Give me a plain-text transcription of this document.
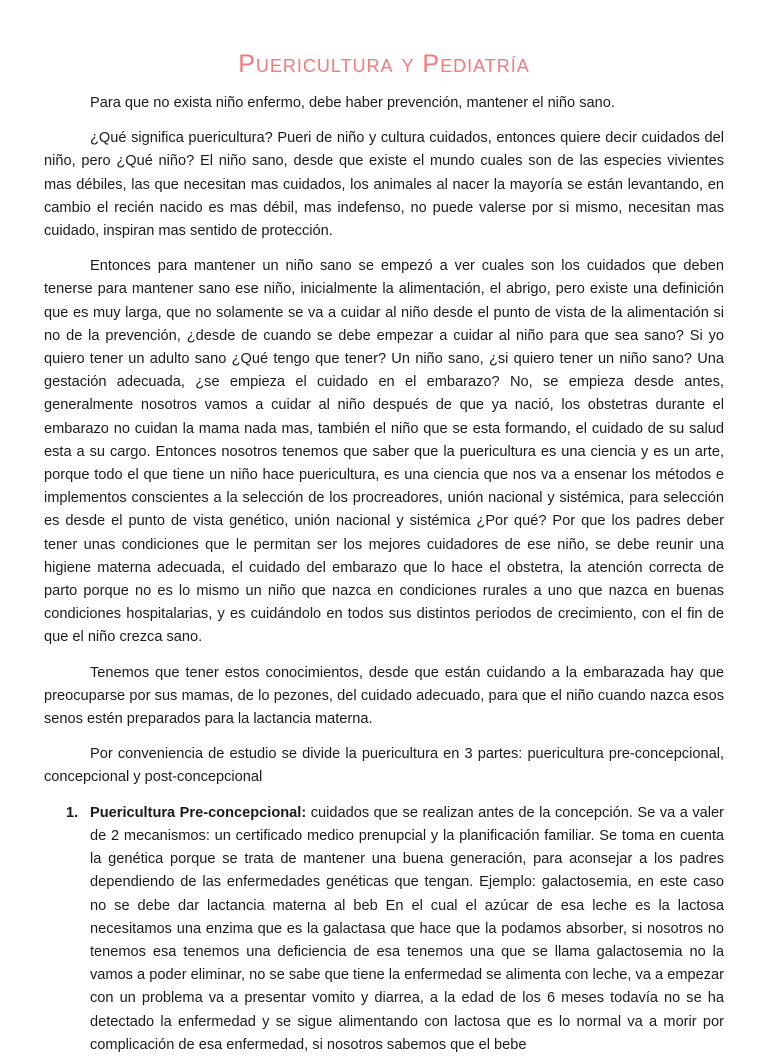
Puericultura y Pediatría

Para que no exista niño enfermo, debe haber prevención, mantener el niño sano.

¿Qué significa puericultura? Pueri de niño y cultura cuidados, entonces quiere decir cuidados del niño, pero ¿Qué niño? El niño sano, desde que existe el mundo cuales son de las especies vivientes mas débiles, las que necesitan mas cuidados, los animales al nacer la mayoría se están levantando, en cambio el recién nacido es mas débil, mas indefenso, no puede valerse por si mismo, necesitan mas cuidado, inspiran mas sentido de protección.

Entonces para mantener un niño sano se empezó a ver cuales son los cuidados que deben tenerse para mantener sano ese niño, inicialmente la alimentación, el abrigo, pero existe una definición que es muy larga, que no solamente se va a cuidar al niño desde el punto de vista de la alimentación si no de la prevención, ¿desde de cuando se debe empezar a cuidar al niño para que sea sano? Si yo quiero tener un adulto sano ¿Qué tengo que tener? Un niño sano, ¿si quiero tener un niño sano? Una gestación adecuada, ¿se empieza el cuidado en el embarazo? No, se empieza desde antes, generalmente nosotros vamos a cuidar al niño después de que ya nació, los obstetras durante el embarazo no cuidan la mama nada mas, también el niño que se esta formando, el cuidado de su salud esta a su cargo. Entonces nosotros tenemos que saber que la puericultura es una ciencia y es un arte, porque todo el que tiene un niño hace puericultura, es una ciencia que nos va a ensenar los métodos e implementos conscientes a la selección de los procreadores, unión nacional y sistémica, para selección es desde el punto de vista genético, unión nacional y sistémica ¿Por qué? Por que los padres deber tener unas condiciones que le permitan ser los mejores cuidadores de ese niño, se debe reunir una higiene materna adecuada, el cuidado del embarazo que lo hace el obstetra, la atención correcta de parto porque no es lo mismo un niño que nazca en condiciones rurales a uno que nazca en buenas condiciones hospitalarias, y es cuidándolo en todos sus distintos periodos de crecimiento, con el fin de que el niño crezca sano.

Tenemos que tener estos conocimientos, desde que están cuidando a la embarazada hay que preocuparse por sus mamas, de lo pezones, del cuidado adecuado, para que el niño cuando nazca esos senos estén preparados para la lactancia materna.

Por conveniencia de estudio se divide la puericultura en 3 partes: puericultura pre-concepcional, concepcional y post-concepcional

1. Puericultura Pre-concepcional: cuidados que se realizan antes de la concepción. Se va a valer de 2 mecanismos: un certificado medico prenupcial y la planificación familiar. Se toma en cuenta la genética porque se trata de mantener una buena generación, para aconsejar a los padres dependiendo de las enfermedades genéticas que tengan. Ejemplo: galactosemia, en este caso no se debe dar lactancia materna al beb En el cual el azúcar de esa leche es la lactosa necesitamos una enzima que es la galactasa que hace que la podamos absorber, si nosotros no tenemos esa tenemos una deficiencia de esa tenemos una que se llama galactosemia no la vamos a poder eliminar, no se sabe que tiene la enfermedad se alimenta con leche, va a empezar con un problema va a presentar vomito y diarrea, a la edad de los 6 meses todavía no se ha detectado la enfermedad y se sigue alimentando con lactosa que es lo normal va a morir por complicación de esa enfermedad, si nosotros sabemos que el bebe
